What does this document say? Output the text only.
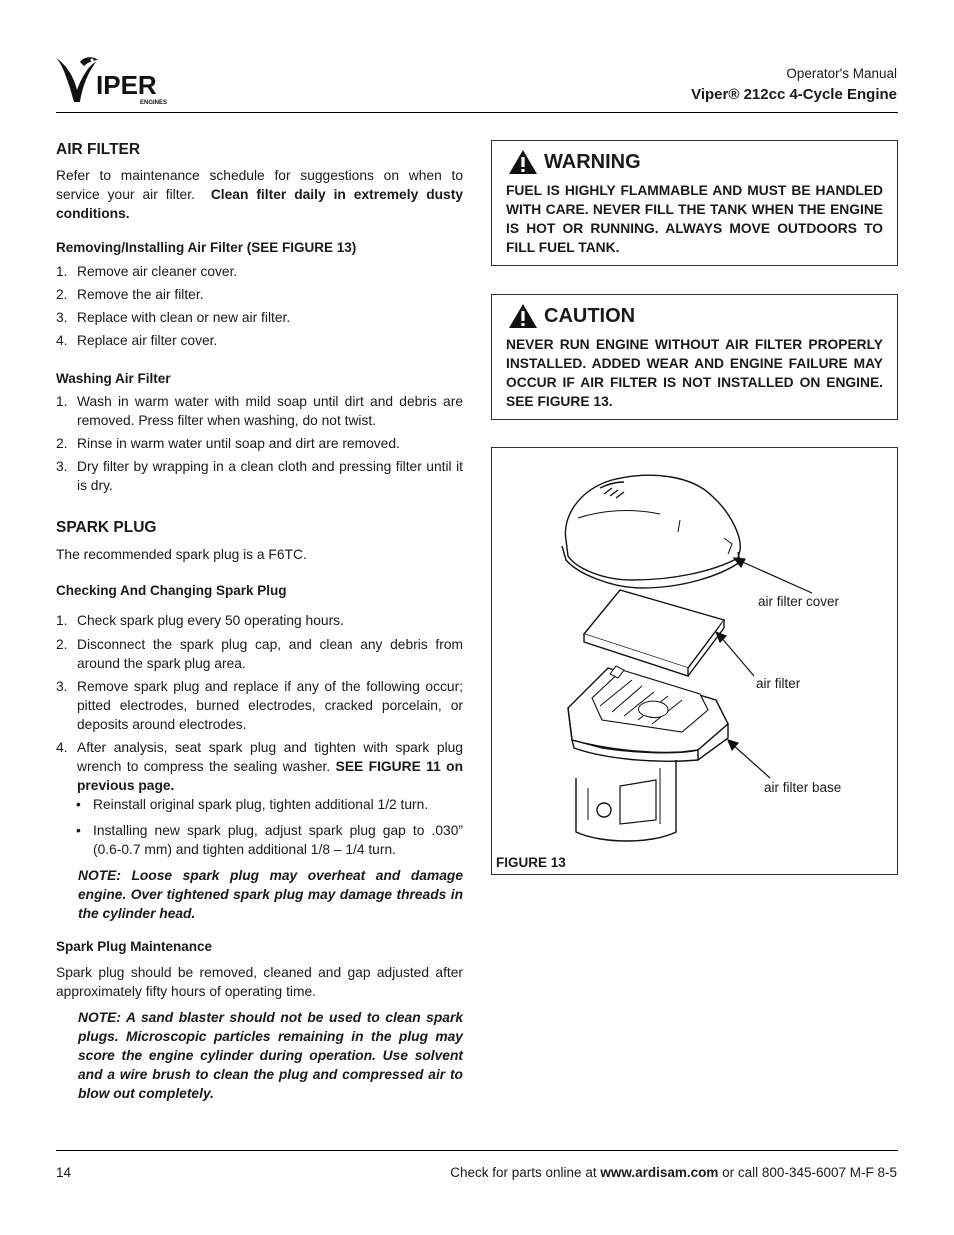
IPER
ENGINES
Operator's Manual
Viper® 212cc 4-Cycle Engine
AIR FILTER

Refer to maintenance schedule for suggestions on when to service your air filter. Clean filter daily in extremely dusty conditions.

Removing/Installing Air Filter (SEE FIGURE 13)
1. Remove air cleaner cover.
2. Remove the air filter.
3. Replace with clean or new air filter.
4. Replace air filter cover.
Washing Air Filter
1. Wash in warm water with mild soap until dirt and debris are removed. Press filter when washing, do not twist.
2. Rinse in warm water until soap and dirt are removed.
3. Dry filter by wrapping in a clean cloth and pressing filter until it is dry.
SPARK PLUG

The recommended spark plug is a F6TC.

Checking And Changing Spark Plug
1. Check spark plug every 50 operating hours.
2. Disconnect the spark plug cap, and clean any debris from around the spark plug area.
3. Remove spark plug and replace if any of the following occur; pitted electrodes, burned electrodes, cracked porcelain, or deposits around electrodes.
4. After analysis, seat spark plug and tighten with spark plug wrench to compress the sealing washer. SEE FIGURE 11 on previous page.
• Reinstall original spark plug, tighten additional 1/2 turn.
• Installing new spark plug, adjust spark plug gap to .030” (0.6-0.7 mm) and tighten additional 1/8 – 1/4 turn.

NOTE: Loose spark plug may overheat and damage engine. Over tightened spark plug may damage threads in the cylinder head.

Spark Plug Maintenance

Spark plug should be removed, cleaned and gap adjusted after approximately fifty hours of operating time.

NOTE: A sand blaster should not be used to clean spark plugs. Microscopic particles remaining in the plug may score the engine cylinder during operation. Use solvent and a wire brush to clean the plug and compressed air to blow out completely.

WARNING
FUEL IS HIGHLY FLAMMABLE AND MUST BE HANDLED WITH CARE. NEVER FILL THE TANK WHEN THE ENGINE IS HOT OR RUNNING. ALWAYS MOVE OUTDOORS TO FILL FUEL TANK.
CAUTION
NEVER RUN ENGINE WITHOUT AIR FILTER PROPERLY INSTALLED. ADDED WEAR AND ENGINE FAILURE MAY OCCUR IF AIR FILTER IS NOT INSTALLED ON ENGINE. SEE FIGURE 13.
air filter cover
air filter
air filter base
FIGURE 13
14	Check for parts online at www.ardisam.com or call 800-345-6007 M-F 8-5
